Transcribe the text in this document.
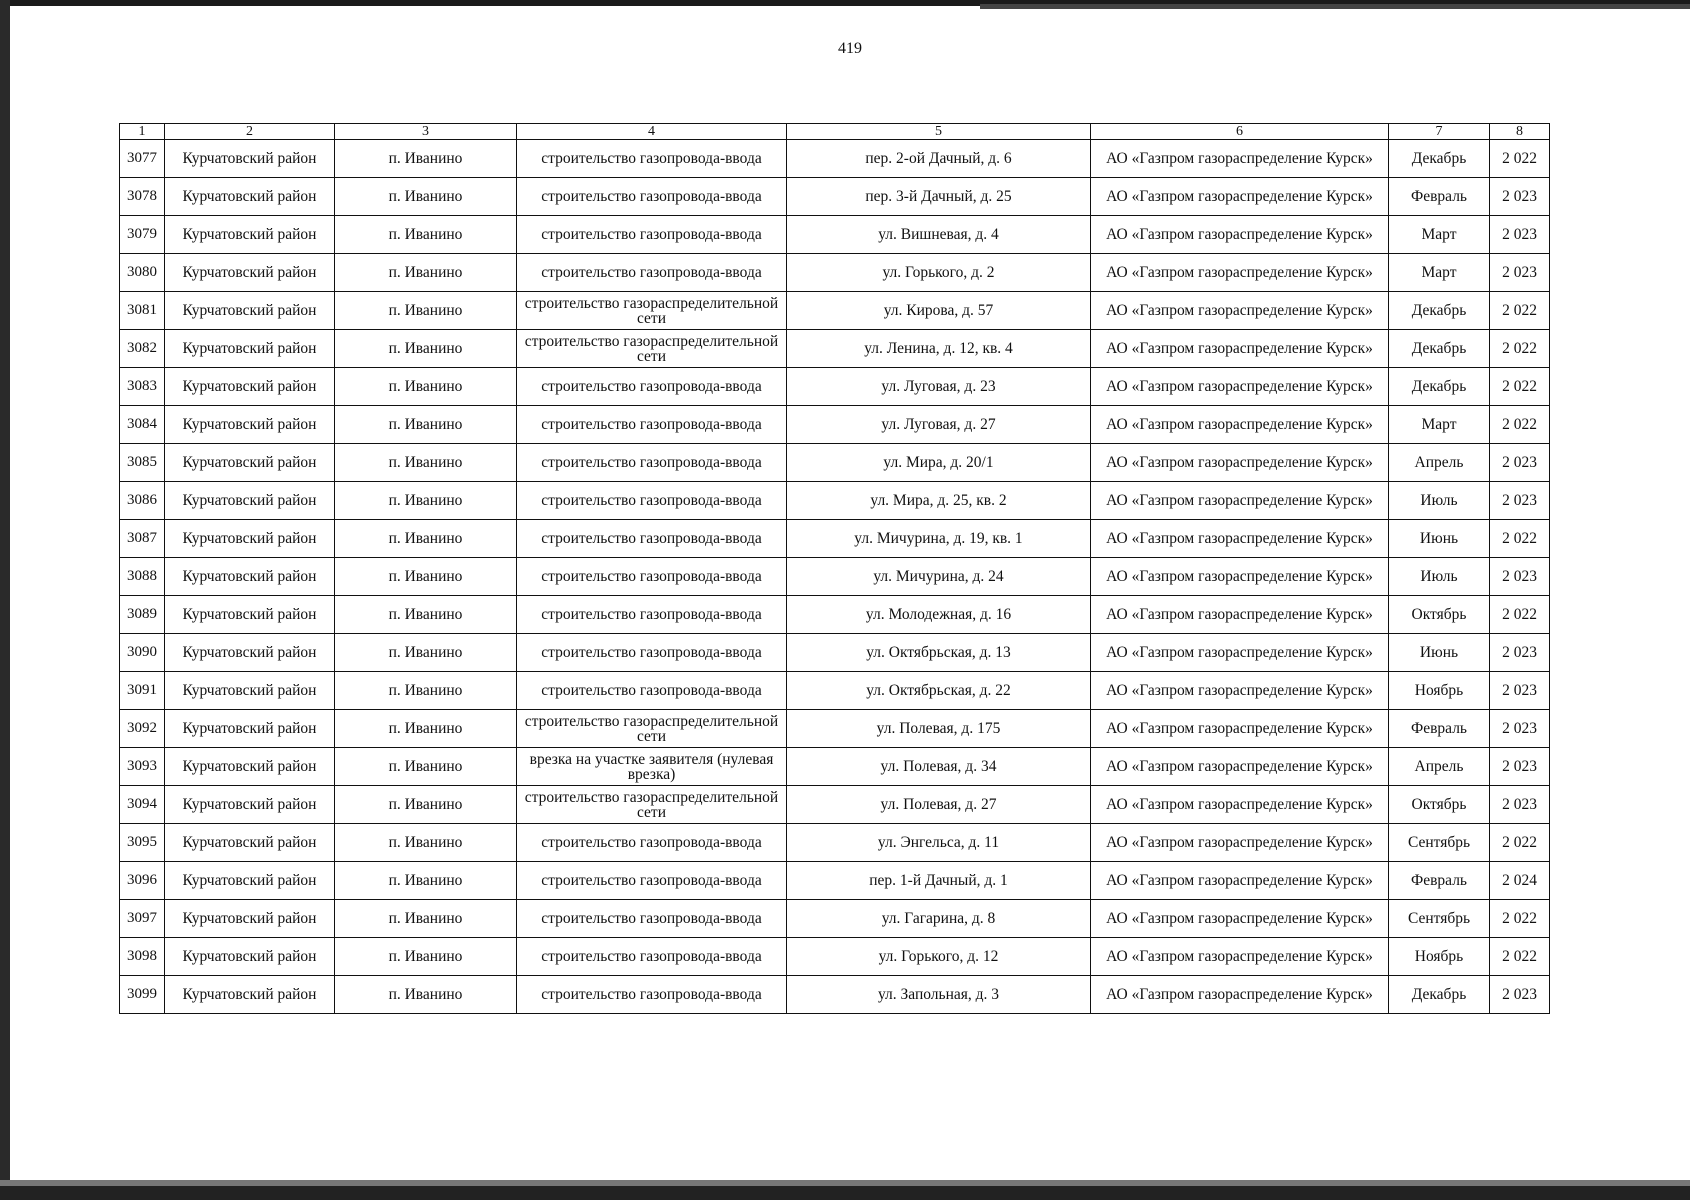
419
1	2	3	4	5	6	7	8
3077	Курчатовский район	п. Иванино	строительство газопровода-ввода	пер. 2-ой Дачный, д. 6	АО «Газпром газораспределение Курск»	Декабрь	2 022
3078	Курчатовский район	п. Иванино	строительство газопровода-ввода	пер. 3-й Дачный, д. 25	АО «Газпром газораспределение Курск»	Февраль	2 023
3079	Курчатовский район	п. Иванино	строительство газопровода-ввода	ул. Вишневая, д. 4	АО «Газпром газораспределение Курск»	Март	2 023
3080	Курчатовский район	п. Иванино	строительство газопровода-ввода	ул. Горького, д. 2	АО «Газпром газораспределение Курск»	Март	2 023
3081	Курчатовский район	п. Иванино	строительство газораспределительной сети	ул. Кирова, д. 57	АО «Газпром газораспределение Курск»	Декабрь	2 022
3082	Курчатовский район	п. Иванино	строительство газораспределительной сети	ул. Ленина, д. 12, кв. 4	АО «Газпром газораспределение Курск»	Декабрь	2 022
3083	Курчатовский район	п. Иванино	строительство газопровода-ввода	ул. Луговая, д. 23	АО «Газпром газораспределение Курск»	Декабрь	2 022
3084	Курчатовский район	п. Иванино	строительство газопровода-ввода	ул. Луговая, д. 27	АО «Газпром газораспределение Курск»	Март	2 022
3085	Курчатовский район	п. Иванино	строительство газопровода-ввода	ул. Мира, д. 20/1	АО «Газпром газораспределение Курск»	Апрель	2 023
3086	Курчатовский район	п. Иванино	строительство газопровода-ввода	ул. Мира, д. 25, кв. 2	АО «Газпром газораспределение Курск»	Июль	2 023
3087	Курчатовский район	п. Иванино	строительство газопровода-ввода	ул. Мичурина, д. 19, кв. 1	АО «Газпром газораспределение Курск»	Июнь	2 022
3088	Курчатовский район	п. Иванино	строительство газопровода-ввода	ул. Мичурина, д. 24	АО «Газпром газораспределение Курск»	Июль	2 023
3089	Курчатовский район	п. Иванино	строительство газопровода-ввода	ул. Молодежная, д. 16	АО «Газпром газораспределение Курск»	Октябрь	2 022
3090	Курчатовский район	п. Иванино	строительство газопровода-ввода	ул. Октябрьская, д. 13	АО «Газпром газораспределение Курск»	Июнь	2 023
3091	Курчатовский район	п. Иванино	строительство газопровода-ввода	ул. Октябрьская, д. 22	АО «Газпром газораспределение Курск»	Ноябрь	2 023
3092	Курчатовский район	п. Иванино	строительство газораспределительной сети	ул. Полевая, д. 175	АО «Газпром газораспределение Курск»	Февраль	2 023
3093	Курчатовский район	п. Иванино	врезка на участке заявителя (нулевая врезка)	ул. Полевая, д. 34	АО «Газпром газораспределение Курск»	Апрель	2 023
3094	Курчатовский район	п. Иванино	строительство газораспределительной сети	ул. Полевая, д. 27	АО «Газпром газораспределение Курск»	Октябрь	2 023
3095	Курчатовский район	п. Иванино	строительство газопровода-ввода	ул. Энгельса, д. 11	АО «Газпром газораспределение Курск»	Сентябрь	2 022
3096	Курчатовский район	п. Иванино	строительство газопровода-ввода	пер. 1-й Дачный, д. 1	АО «Газпром газораспределение Курск»	Февраль	2 024
3097	Курчатовский район	п. Иванино	строительство газопровода-ввода	ул. Гагарина, д. 8	АО «Газпром газораспределение Курск»	Сентябрь	2 022
3098	Курчатовский район	п. Иванино	строительство газопровода-ввода	ул. Горького, д. 12	АО «Газпром газораспределение Курск»	Ноябрь	2 022
3099	Курчатовский район	п. Иванино	строительство газопровода-ввода	ул. Запольная, д. 3	АО «Газпром газораспределение Курск»	Декабрь	2 023
